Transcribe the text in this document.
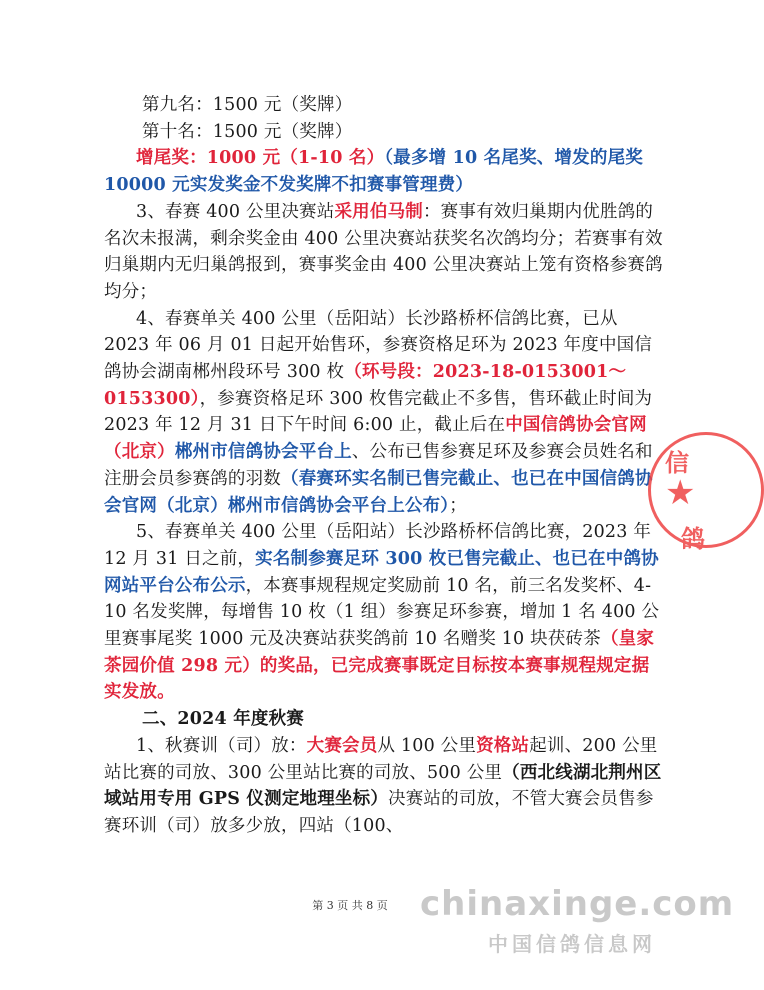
第九名：1500 元（奖牌）

第十名：1500 元（奖牌）

增尾奖：1000 元（1-10 名）（最多增 10 名尾奖、增发的尾奖 10000 元实发奖金不发奖牌不扣赛事管理费）

3、春赛 400 公里决赛站采用伯马制：赛事有效归巢期内优胜鸽的名次未报满，剩余奖金由 400 公里决赛站获奖名次鸽均分；若赛事有效归巢期内无归巢鸽报到，赛事奖金由 400 公里决赛站上笼有资格参赛鸽均分；

4、春赛单关 400 公里（岳阳站）长沙路桥杯信鸽比赛，已从 2023 年 06 月 01 日起开始售环，参赛资格足环为 2023 年度中国信鸽协会湖南郴州段环号 300 枚（环号段：2023-18-0153001～0153300），参赛资格足环 300 枚售完截止不多售，售环截止时间为 2023 年 12 月 31 日下午时间 6:00 止，截止后在中国信鸽协会官网（北京）郴州市信鸽协会平台上、公布已售参赛足环及参赛会员姓名和注册会员参赛鸽的羽数（春赛环实名制已售完截止、也已在中国信鸽协会官网（北京）郴州市信鸽协会平台上公布）；

5、春赛单关 400 公里（岳阳站）长沙路桥杯信鸽比赛，2023 年 12 月 31 日之前，实名制参赛足环 300 枚已售完截止、也已在中鸽协网站平台公布公示，本赛事规程规定奖励前 10 名，前三名发奖杯、4-10 名发奖牌，每增售 10 枚（1 组）参赛足环参赛，增加 1 名 400 公里赛事尾奖 1000 元及决赛站获奖鸽前 10 名赠奖 10 块茯砖茶（皇家茶园价值 298 元）的奖品，已完成赛事既定目标按本赛事规程规定据实发放。

二、2024 年度秋赛

1、秋赛训（司）放：大赛会员从 100 公里资格站起训、200 公里站比赛的司放、300 公里站比赛的司放、500 公里（西北线湖北荆州区域站用专用 GPS 仪测定地理坐标）决赛站的司放，不管大赛会员售参赛环训（司）放多少放，四站（100、

第 3 页 共 8 页
信
★
鸽
chinaxinge.com
中国信鸽信息网
